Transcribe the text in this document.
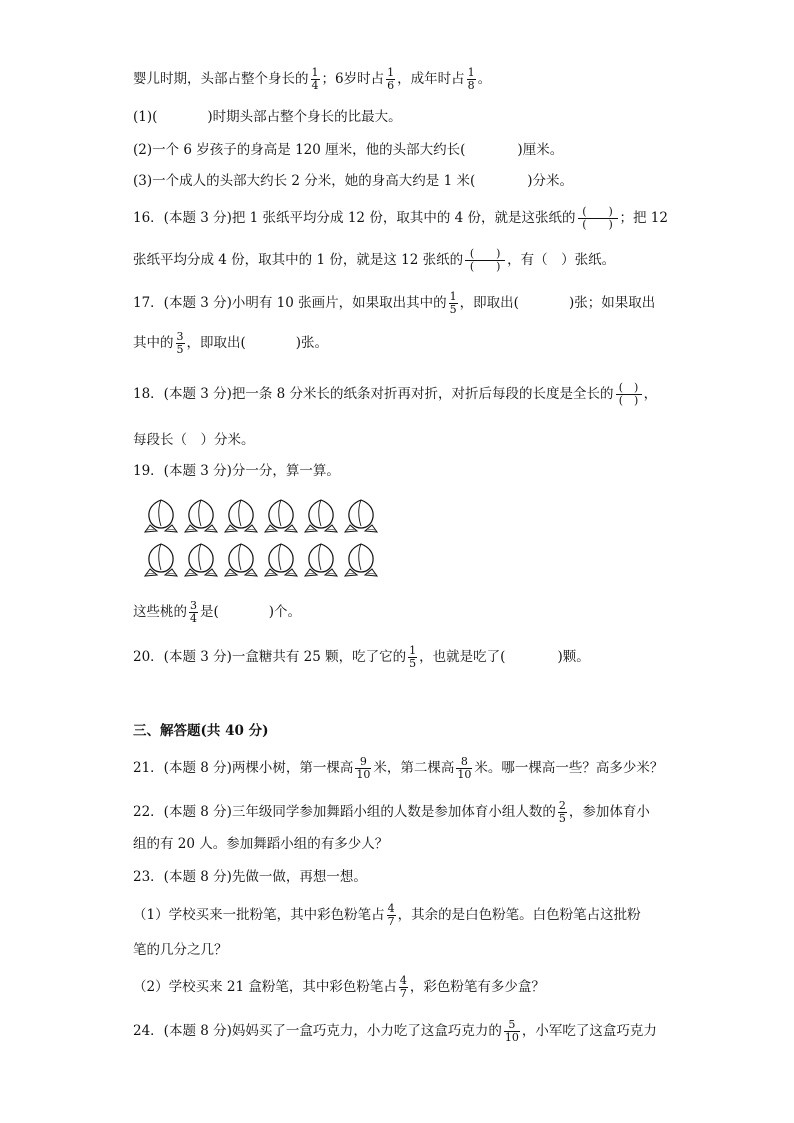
婴儿时期，头部占整个身长的 $\frac{1}{4}$ ；6岁时占 $\frac{1}{6}$ ，成年时占 $\frac{1}{8}$ 。
(1)(	)时期头部占整个身长的比最大。
(2)一个 6 岁孩子的身高是 120 厘米，他的头部大约长(	)厘米。
(3)一个成人的头部大约长 2 分米，她的身高大约是 1 米(	)分米。
16．(本题 3 分)把 1 张纸平均分成 12 份，取其中的 4 份，就是这张纸的 $\frac{( )}{( )}$ ；把 12
张纸平均分成 4 份，取其中的 1 份，就是这 12 张纸的 $\frac{( )}{( )}$ ，有（　）张纸。
17．(本题 3 分)小明有 10 张画片，如果取出其中的 $\frac{1}{5}$ ，即取出(	)张；如果取出
其中的 $\frac{3}{5}$ ，即取出(	)张。
18．(本题 3 分)把一条 8 分米长的纸条对折再对折，对折后每段的长度是全长的 $\frac{( )}{( )}$ ，
每段长（　）分米。
19．(本题 3 分)分一分，算一算。
这些桃的 $\frac{3}{4}$ 是(	)个。
20．(本题 3 分)一盒糖共有 25 颗，吃了它的 $\frac{1}{5}$ ，也就是吃了(	)颗。
三、解答题(共 40 分)
21．(本题 8 分)两棵小树，第一棵高 $\frac{9}{10}$ 米，第二棵高 $\frac{8}{10}$ 米。哪一棵高一些？高多少米？
22．(本题 8 分)三年级同学参加舞蹈小组的人数是参加体育小组人数的 $\frac{2}{5}$ ，参加体育小
组的有 20 人。参加舞蹈小组的有多少人？
23．(本题 8 分)先做一做，再想一想。
（1）学校买来一批粉笔，其中彩色粉笔占 $\frac{4}{7}$ ，其余的是白色粉笔。白色粉笔占这批粉
笔的几分之几？
（2）学校买来 21 盒粉笔，其中彩色粉笔占 $\frac{4}{7}$ ，彩色粉笔有多少盒？
24．(本题 8 分)妈妈买了一盒巧克力，小力吃了这盒巧克力的 $\frac{5}{10}$ ，小军吃了这盒巧克力
